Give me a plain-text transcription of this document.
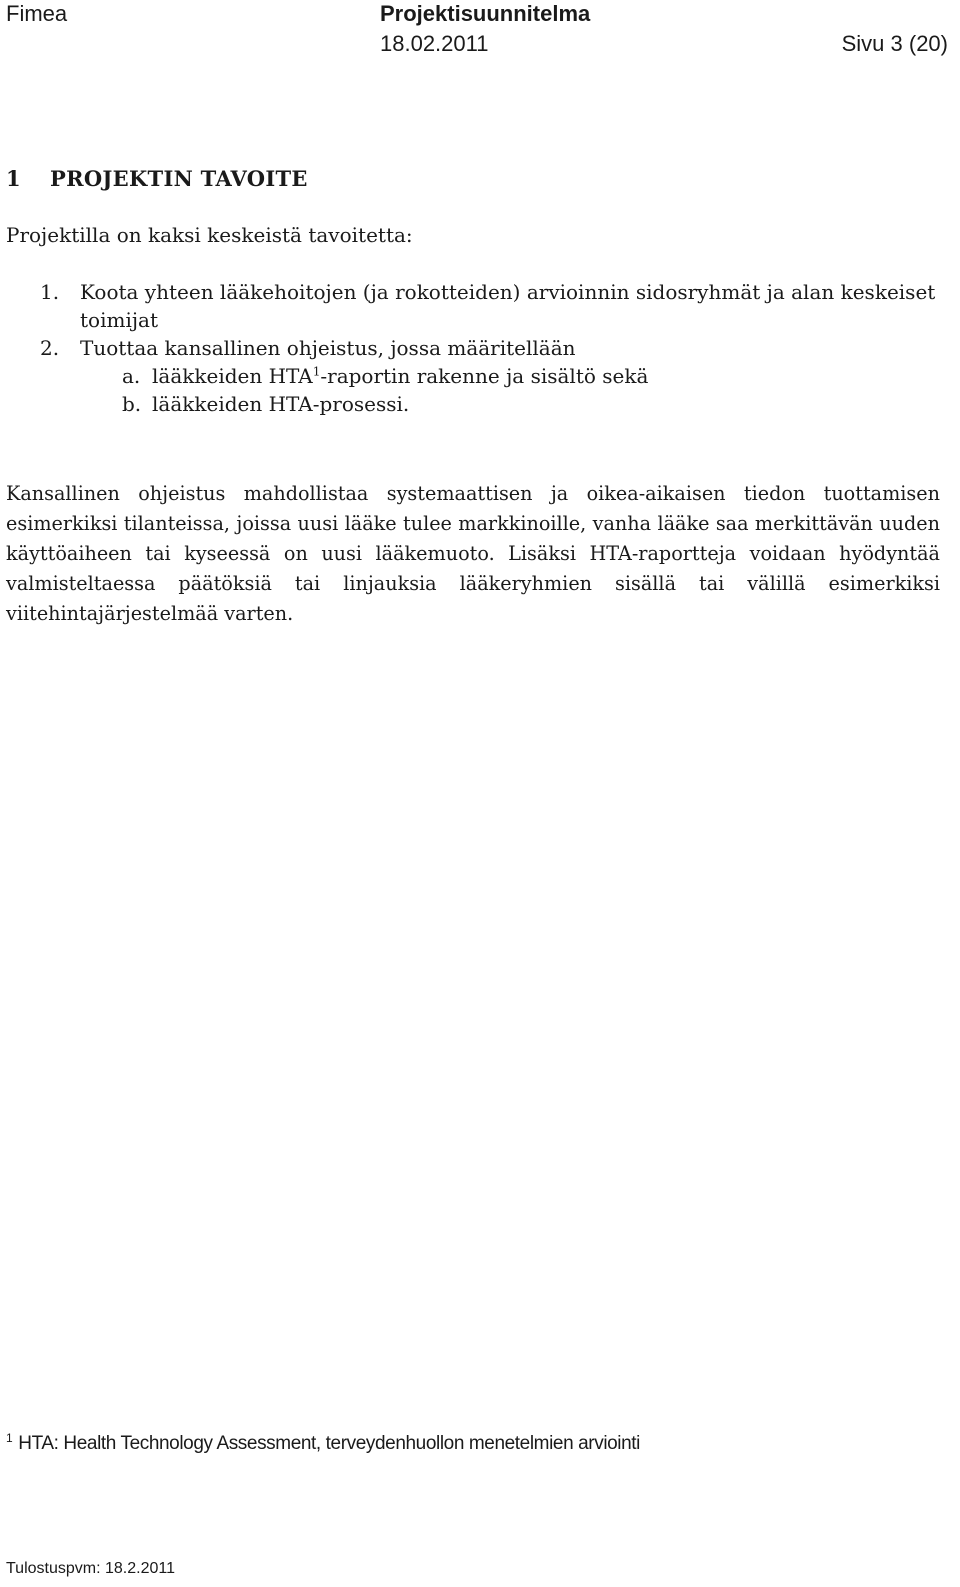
Fimea	Projektisuunnitelma
18.02.2011	Sivu 3 (20)
1 PROJEKTIN TAVOITE
Projektilla on kaksi keskeistä tavoitetta:
1. Koota yhteen lääkehoitojen (ja rokotteiden) arvioinnin sidosryhmät ja alan keskeiset toimijat
2. Tuottaa kansallinen ohjeistus, jossa määritellään
a. lääkkeiden HTA$^1$-raportin rakenne ja sisältö sekä
b. lääkkeiden HTA-prosessi.
Kansallinen ohjeistus mahdollistaa systemaattisen ja oikea-aikaisen tiedon tuottamisen esimerkiksi tilanteissa, joissa uusi lääke tulee markkinoille, vanha lääke saa merkittävän uuden käyttöaiheen tai kyseessä on uusi lääkemuoto. Lisäksi HTA-raportteja voidaan hyödyntää valmisteltaessa päätöksiä tai linjauksia lääkeryhmien sisällä tai välillä esimerkiksi viitehintajärjestelmää varten.
$^1$ HTA: Health Technology Assessment, terveydenhuollon menetelmien arviointi
Tulostuspvm: 18.2.2011
